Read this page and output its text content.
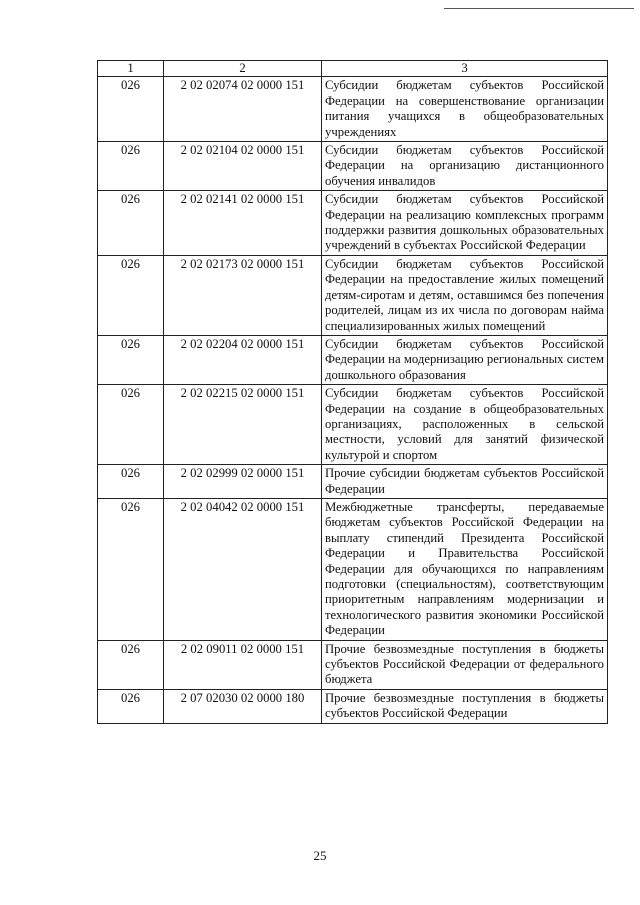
1	2	3
026	2 02 02074 02 0000 151	Субсидии бюджетам субъектов Российской Федерации на совершенствование организации питания учащихся в общеобразовательных учреждениях
026	2 02 02104 02 0000 151	Субсидии бюджетам субъектов Российской Федерации на организацию дистанционного обучения инвалидов
026	2 02 02141 02 0000 151	Субсидии бюджетам субъектов Российской Федерации на реализацию комплексных программ поддержки развития дошкольных образовательных учреждений в субъектах Российской Федерации
026	2 02 02173 02 0000 151	Субсидии бюджетам субъектов Российской Федерации на предоставление жилых помещений детям-сиротам и детям, оставшимся без попечения родителей, лицам из их числа по договорам найма специализированных жилых помещений
026	2 02 02204 02 0000 151	Субсидии бюджетам субъектов Российской Федерации на модернизацию региональных систем дошкольного образования
026	2 02 02215 02 0000 151	Субсидии бюджетам субъектов Российской Федерации на создание в общеобразовательных организациях, расположенных в сельской местности, условий для занятий физической культурой и спортом
026	2 02 02999 02 0000 151	Прочие субсидии бюджетам субъектов Российской Федерации
026	2 02 04042 02 0000 151	Межбюджетные трансферты, передаваемые бюджетам субъектов Российской Федерации на выплату стипендий Президента Российской Федерации и Правительства Российской Федерации для обучающихся по направлениям подготовки (специальностям), соответствующим приоритетным направлениям модернизации и технологического развития экономики Российской Федерации
026	2 02 09011 02 0000 151	Прочие безвозмездные поступления в бюджеты субъектов Российской Федерации от федерального бюджета
026	2 07 02030 02 0000 180	Прочие безвозмездные поступления в бюджеты субъектов Российской Федерации
25
